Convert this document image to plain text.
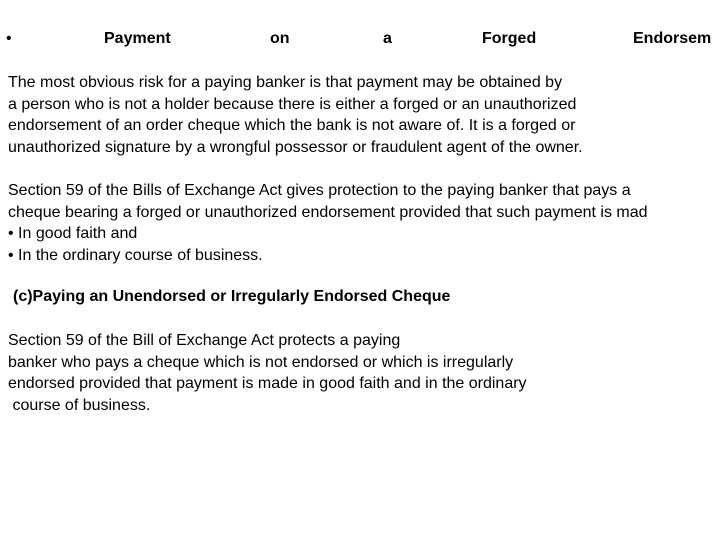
•	Payment	on	a	Forged	Endorsem

The most obvious risk for a paying banker is that payment may be obtained by
a person who is not a holder because there is either a forged or an unauthorized
endorsement of an order cheque which the bank is not aware of. It is a forged or
unauthorized signature by a wrongful possessor or fraudulent agent of the owner.

Section 59 of the Bills of Exchange Act gives protection to the paying banker that pays a
cheque bearing a forged or unauthorized endorsement provided that such payment is mad
• In good faith and
• In the ordinary course of business.

(c)Paying an Unendorsed or Irregularly Endorsed Cheque

Section 59 of the Bill of Exchange Act protects a paying
banker who pays a cheque which is not endorsed or which is irregularly
endorsed provided that payment is made in good faith and in the ordinary
course of business.
